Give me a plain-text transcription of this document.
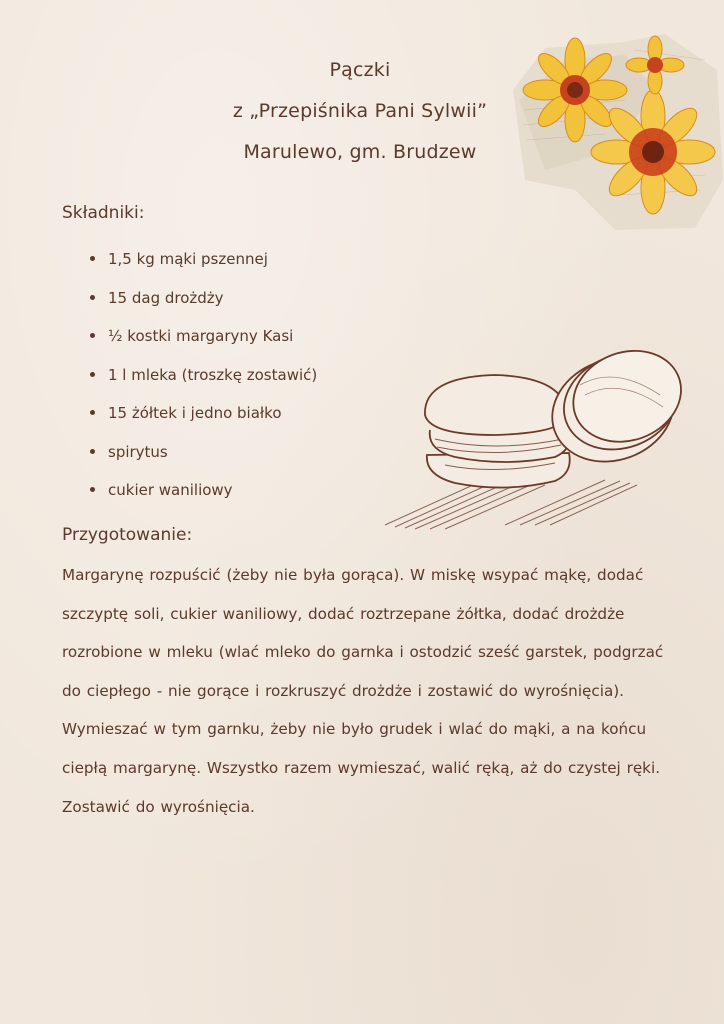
Pączki
z „Przepiśnika Pani Sylwii”
Marulewo, gm. Brudzew
Składniki:
1,5 kg mąki pszennej
15 dag drożdży
½ kostki margaryny Kasi
1 l mleka (troszkę zostawić)
15 żółtek i jedno białko
spirytus
cukier waniliowy
Przygotowanie:
Margarynę rozpuścić (żeby nie była gorąca). W miskę wsypać mąkę, dodać szczyptę soli, cukier waniliowy, dodać roztrzepane żółtka, dodać drożdże rozrobione w mleku (wlać mleko do garnka i ostodzić sześć garstek, podgrzać do ciepłego - nie gorące i rozkruszyć drożdże i zostawić do wyrośnięcia). Wymieszać w tym garnku, żeby nie było grudek i wlać do mąki, a na końcu ciepłą margarynę. Wszystko razem wymieszać, walić ręką, aż do czystej ręki. Zostawić do wyrośnięcia.
